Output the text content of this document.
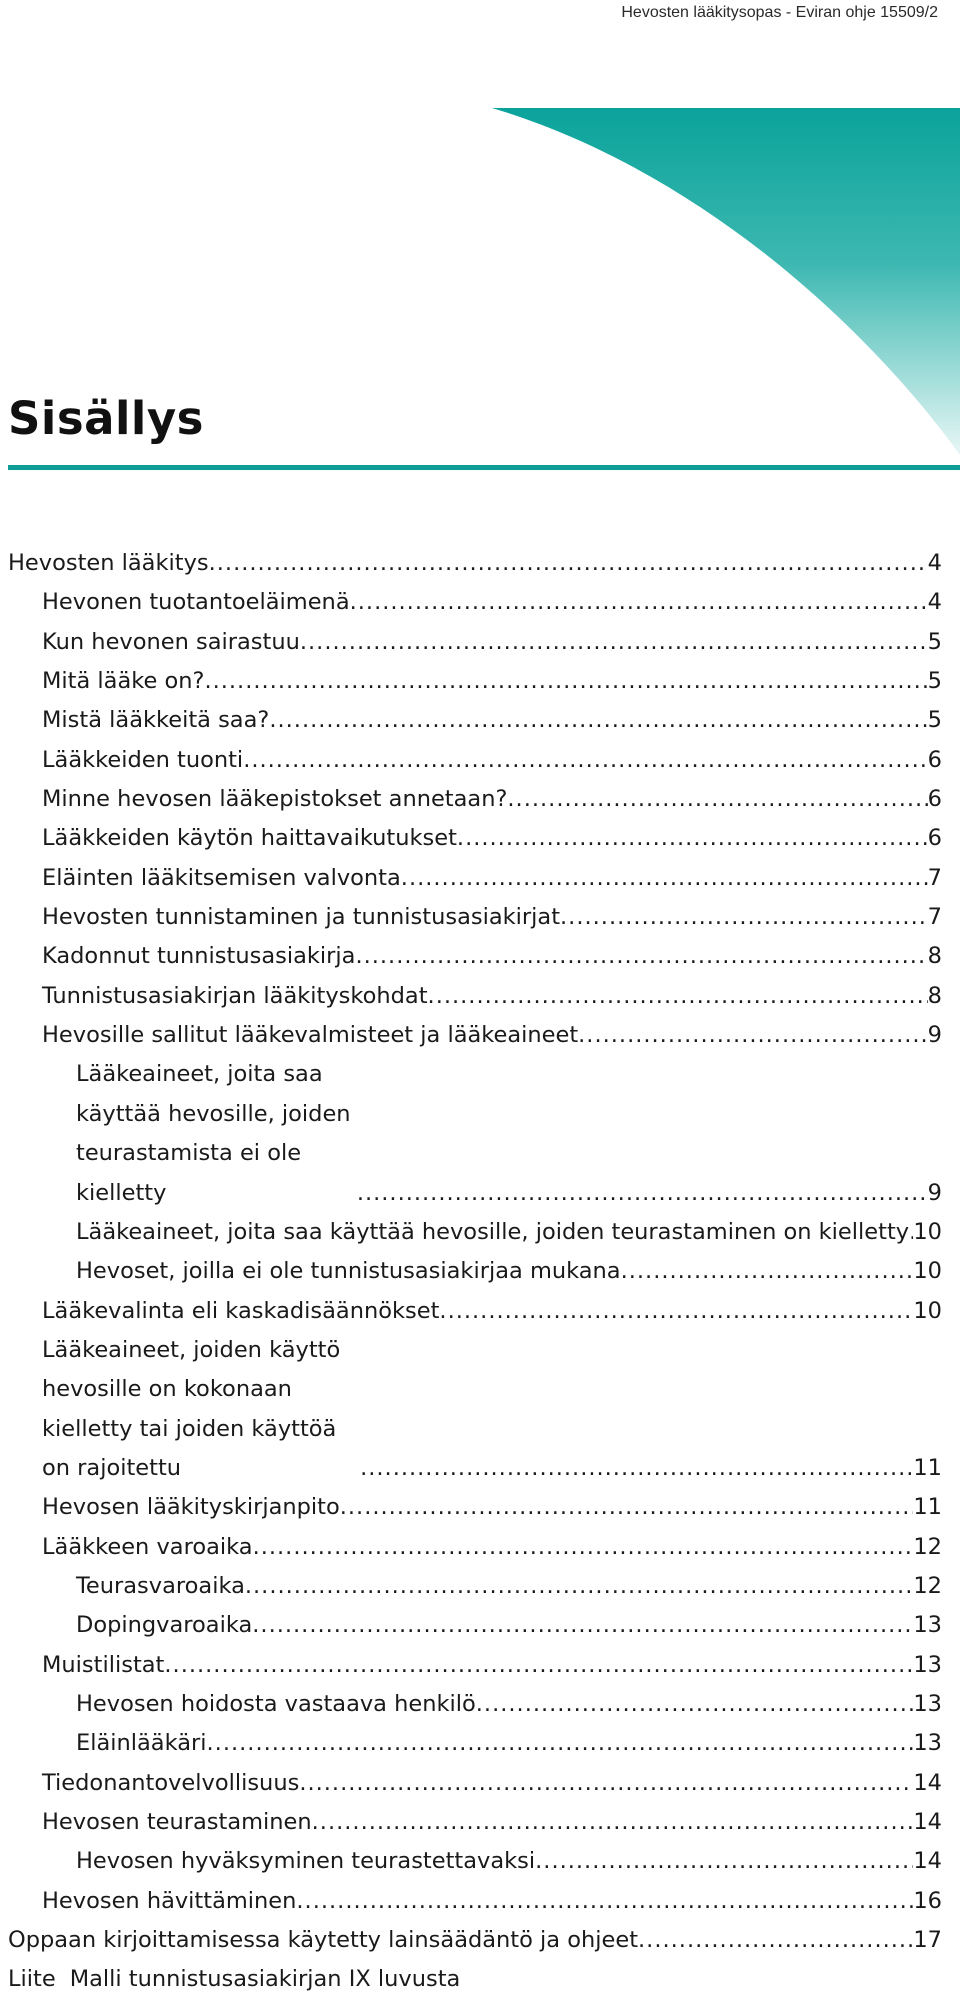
Hevosten lääkitysopas - Eviran ohje 15509/2
Sisällys
Hevosten lääkitys .....	4
Hevonen tuotantoeläimenä .....	4
Kun hevonen sairastuu .....	5
Mitä lääke on? .....	5
Mistä lääkkeitä saa? .....	5
Lääkkeiden tuonti .....	6
Minne hevosen lääkepistokset annetaan? .....	6
Lääkkeiden käytön haittavaikutukset .....	6
Eläinten lääkitsemisen valvonta .....	7
Hevosten tunnistaminen ja tunnistusasiakirjat .....	7
Kadonnut tunnistusasiakirja .....	8
Tunnistusasiakirjan lääkityskohdat .....	8
Hevosille sallitut lääkevalmisteet ja lääkeaineet .....	9
Lääkeaineet, joita saa käyttää hevosille, joiden teurastamista ei ole kielletty .....	9
Lääkeaineet, joita saa käyttää hevosille, joiden teurastaminen on kielletty ..... 10
Hevoset, joilla ei ole tunnistusasiakirjaa mukana .....	10
Lääkevalinta eli kaskadisäännökset .....	10
Lääkeaineet, joiden käyttö hevosille on kokonaan kielletty tai joiden käyttöä on rajoitettu .....	11
Hevosen lääkityskirjanpito .....	11
Lääkkeen varoaika .....	12
Teurasvaroaika .....	12
Dopingvaroaika .....	13
Muistilistat .....	13
Hevosen hoidosta vastaava henkilö .....	13
Eläinlääkäri .....	13
Tiedonantovelvollisuus .....	14
Hevosen teurastaminen .....	14
Hevosen hyväksyminen teurastettavaksi .....	14
Hevosen hävittäminen .....	16
Oppaan kirjoittamisessa käytetty lainsäädäntö ja ohjeet .....	17
Liite Malli tunnistusasiakirjan IX luvusta
